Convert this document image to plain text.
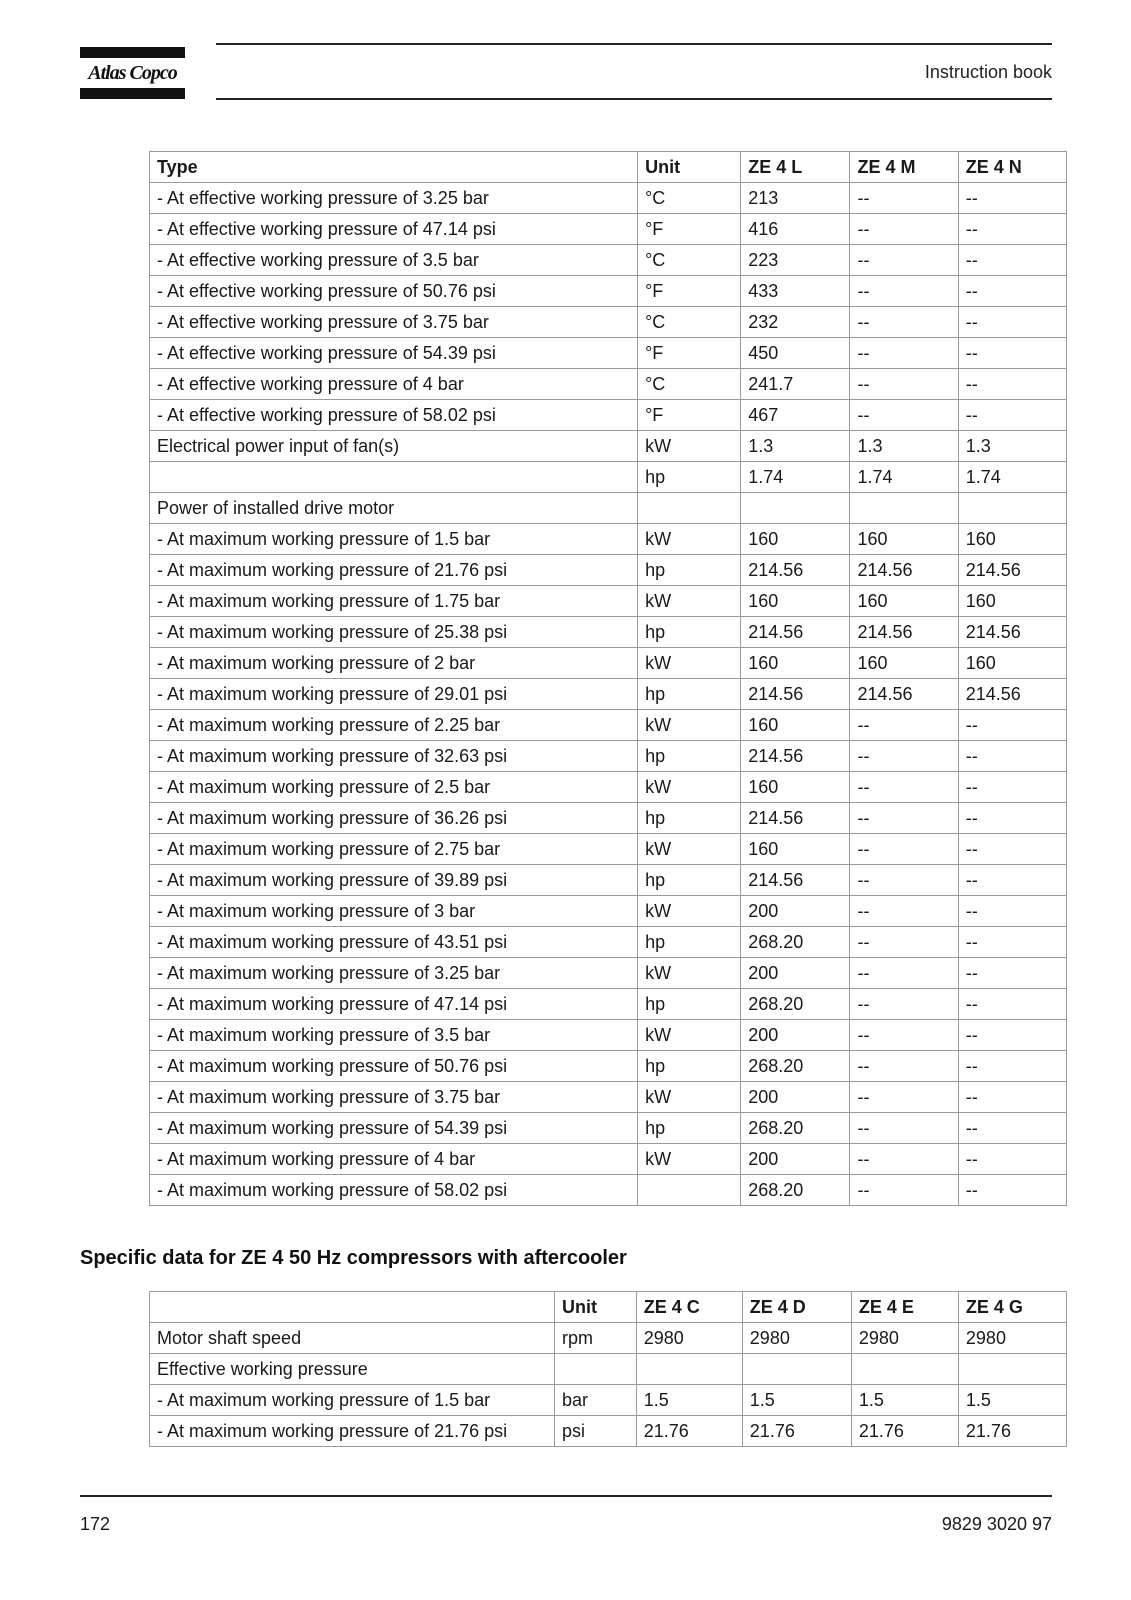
Atlas Copco	Instruction book
Type	Unit	ZE 4 L	ZE 4 M	ZE 4 N
- At effective working pressure of 3.25 bar	°C	213	--	--
- At effective working pressure of 47.14 psi	°F	416	--	--
- At effective working pressure of 3.5 bar	°C	223	--	--
- At effective working pressure of 50.76 psi	°F	433	--	--
- At effective working pressure of 3.75 bar	°C	232	--	--
- At effective working pressure of 54.39 psi	°F	450	--	--
- At effective working pressure of 4 bar	°C	241.7	--	--
- At effective working pressure of 58.02 psi	°F	467	--	--
Electrical power input of fan(s)	kW	1.3	1.3	1.3
	hp	1.74	1.74	1.74
Power of installed drive motor				
- At maximum working pressure of 1.5 bar	kW	160	160	160
- At maximum working pressure of 21.76 psi	hp	214.56	214.56	214.56
- At maximum working pressure of 1.75 bar	kW	160	160	160
- At maximum working pressure of 25.38 psi	hp	214.56	214.56	214.56
- At maximum working pressure of 2 bar	kW	160	160	160
- At maximum working pressure of 29.01 psi	hp	214.56	214.56	214.56
- At maximum working pressure of 2.25 bar	kW	160	--	--
- At maximum working pressure of 32.63 psi	hp	214.56	--	--
- At maximum working pressure of 2.5 bar	kW	160	--	--
- At maximum working pressure of 36.26 psi	hp	214.56	--	--
- At maximum working pressure of 2.75 bar	kW	160	--	--
- At maximum working pressure of 39.89 psi	hp	214.56	--	--
- At maximum working pressure of 3 bar	kW	200	--	--
- At maximum working pressure of 43.51 psi	hp	268.20	--	--
- At maximum working pressure of 3.25 bar	kW	200	--	--
- At maximum working pressure of 47.14 psi	hp	268.20	--	--
- At maximum working pressure of 3.5 bar	kW	200	--	--
- At maximum working pressure of 50.76 psi	hp	268.20	--	--
- At maximum working pressure of 3.75 bar	kW	200	--	--
- At maximum working pressure of 54.39 psi	hp	268.20	--	--
- At maximum working pressure of 4 bar	kW	200	--	--
- At maximum working pressure of 58.02 psi		268.20	--	--
Specific data for ZE 4 50 Hz compressors with aftercooler
	Unit	ZE 4 C	ZE 4 D	ZE 4 E	ZE 4 G
Motor shaft speed	rpm	2980	2980	2980	2980
Effective working pressure					
- At maximum working pressure of 1.5 bar	bar	1.5	1.5	1.5	1.5
- At maximum working pressure of 21.76 psi	psi	21.76	21.76	21.76	21.76
172	9829 3020 97
